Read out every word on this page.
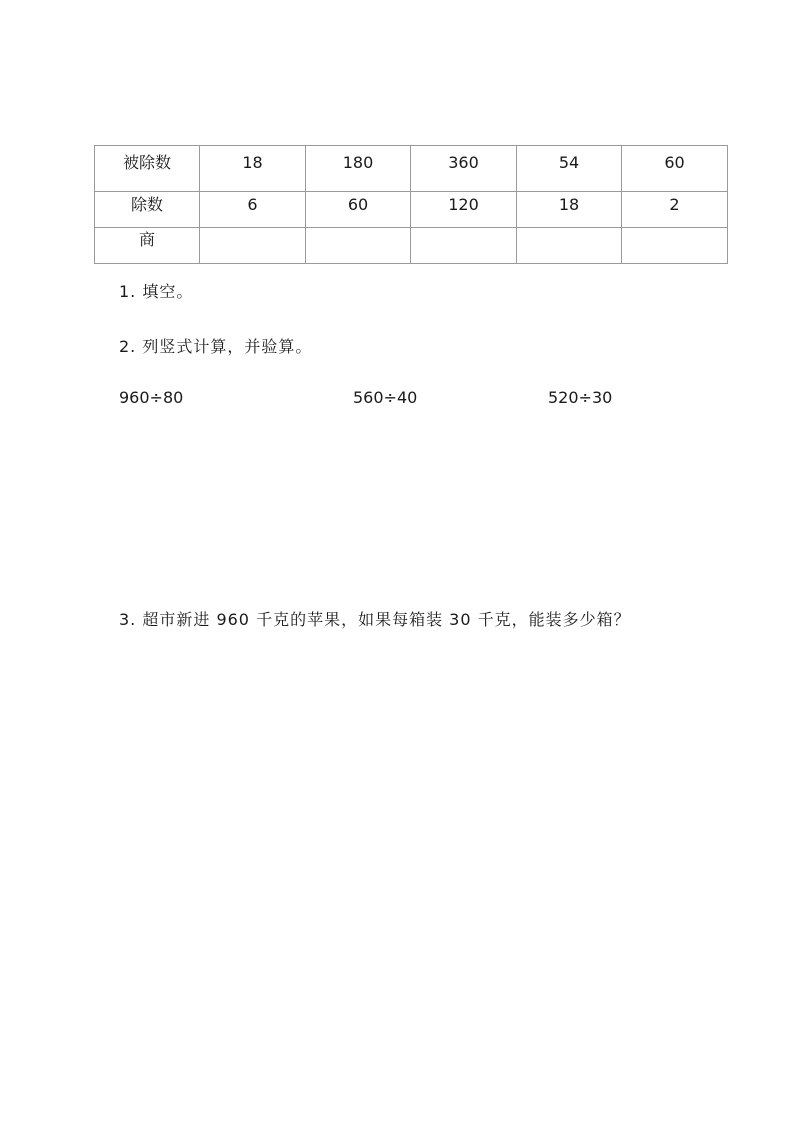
被除数	18	180	360	54	60

除数	6	60	120	18	2

商					

1. 填空。
2. 列竖式计算，并验算。
960÷80	560÷40	520÷30
3. 超市新进 960 千克的苹果，如果每箱装 30 千克，能装多少箱？
